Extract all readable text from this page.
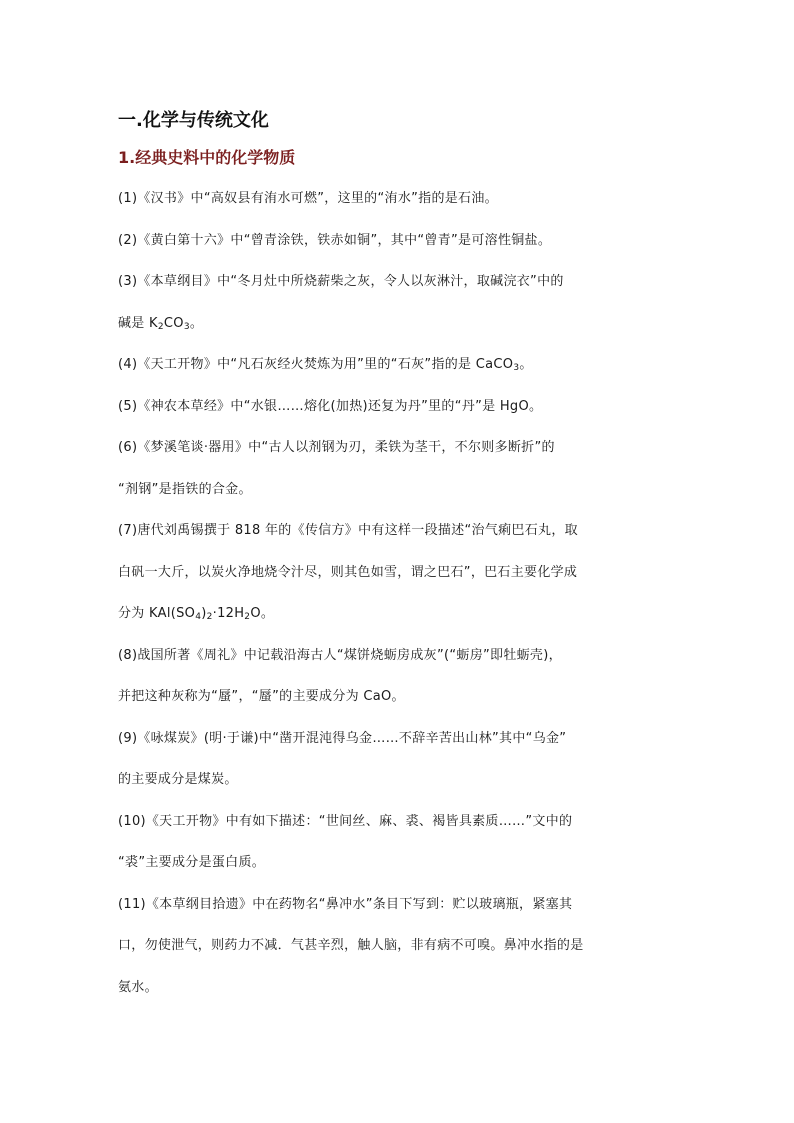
一.化学与传统文化
1.经典史料中的化学物质
(1)《汉书》中“高奴县有洧水可燃”，这里的“洧水”指的是石油。
(2)《黄白第十六》中“曾青涂铁，铁赤如铜”，其中“曾青”是可溶性铜盐。
(3)《本草纲目》中“冬月灶中所烧薪柴之灰，令人以灰淋汁，取碱浣衣”中的
碱是 $K_2CO_3$。
(4)《天工开物》中“凡石灰经火焚炼为用”里的“石灰”指的是 CaCO$_3$。
(5)《神农本草经》中“水银……熔化(加热)还复为丹”里的“丹”是 HgO。
(6)《梦溪笔谈·器用》中“古人以剂钢为刃，柔铁为茎干，不尔则多断折”的
“剂钢”是指铁的合金。
(7)唐代刘禹锡撰于 818 年的《传信方》中有这样一段描述“治气痢巴石丸，取
白矾一大斤，以炭火净地烧令汁尽，则其色如雪，谓之巴石”，巴石主要化学成
分为 $KAl(SO_4)_2\cdot 12H_2O$。
(8)战国所著《周礼》中记载沿海古人“煤饼烧蛎房成灰”(“蛎房”即牡蛎壳)，
并把这种灰称为“蜃”，“蜃”的主要成分为 CaO。
(9)《咏煤炭》(明·于谦)中“凿开混沌得乌金……不辞辛苦出山林”其中“乌金”
的主要成分是煤炭。
(10)《天工开物》中有如下描述：“世间丝、麻、裘、褐皆具素质……”文中的
“裘”主要成分是蛋白质。
(11)《本草纲目拾遗》中在药物名“鼻冲水”条目下写到：贮以玻璃瓶，紧塞其
口，勿使泄气，则药力不减．气甚辛烈，触人脑，非有病不可嗅。鼻冲水指的是
氨水。
